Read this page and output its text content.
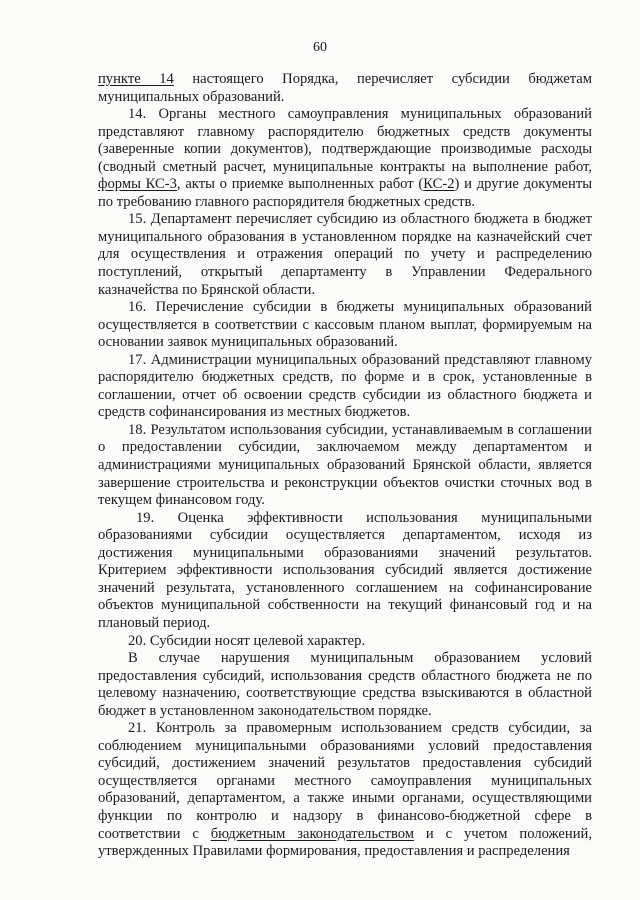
60

пункте 14 настоящего Порядка, перечисляет субсидии бюджетам муниципальных образований.

14. Органы местного самоуправления муниципальных образований представляют главному распорядителю бюджетных средств документы (заверенные копии документов), подтверждающие производимые расходы (сводный сметный расчет, муниципальные контракты на выполнение работ, формы КС-3, акты о приемке выполненных работ (КС-2) и другие документы по требованию главного распорядителя бюджетных средств.

15. Департамент перечисляет субсидию из областного бюджета в бюджет муниципального образования в установленном порядке на казначейский счет для осуществления и отражения операций по учету и распределению поступлений, открытый департаменту в Управлении Федерального казначейства по Брянской области.

16. Перечисление субсидии в бюджеты муниципальных образований осуществляется в соответствии с кассовым планом выплат, формируемым на основании заявок муниципальных образований.

17. Администрации муниципальных образований представляют главному распорядителю бюджетных средств, по форме и в срок, установленные в соглашении, отчет об освоении средств субсидии из областного бюджета и средств софинансирования из местных бюджетов.

18. Результатом использования субсидии, устанавливаемым в соглашении о предоставлении субсидии, заключаемом между департаментом и администрациями муниципальных образований Брянской области, является завершение строительства и реконструкции объектов очистки сточных вод в текущем финансовом году.

19. Оценка эффективности использования муниципальными образованиями субсидии осуществляется департаментом, исходя из достижения муниципальными образованиями значений результатов. Критерием эффективности использования субсидий является достижение значений результата, установленного соглашением на софинансирование объектов муниципальной собственности на текущий финансовый год и на плановый период.

20. Субсидии носят целевой характер.

В случае нарушения муниципальным образованием условий предоставления субсидий, использования средств областного бюджета не по целевому назначению, соответствующие средства взыскиваются в областной бюджет в установленном законодательством порядке.

21. Контроль за правомерным использованием средств субсидии, за соблюдением муниципальными образованиями условий предоставления субсидий, достижением значений результатов предоставления субсидий осуществляется органами местного самоуправления муниципальных образований, департаментом, а также иными органами, осуществляющими функции по контролю и надзору в финансово-бюджетной сфере в соответствии с бюджетным законодательством и с учетом положений, утвержденных Правилами формирования, предоставления и распределения
